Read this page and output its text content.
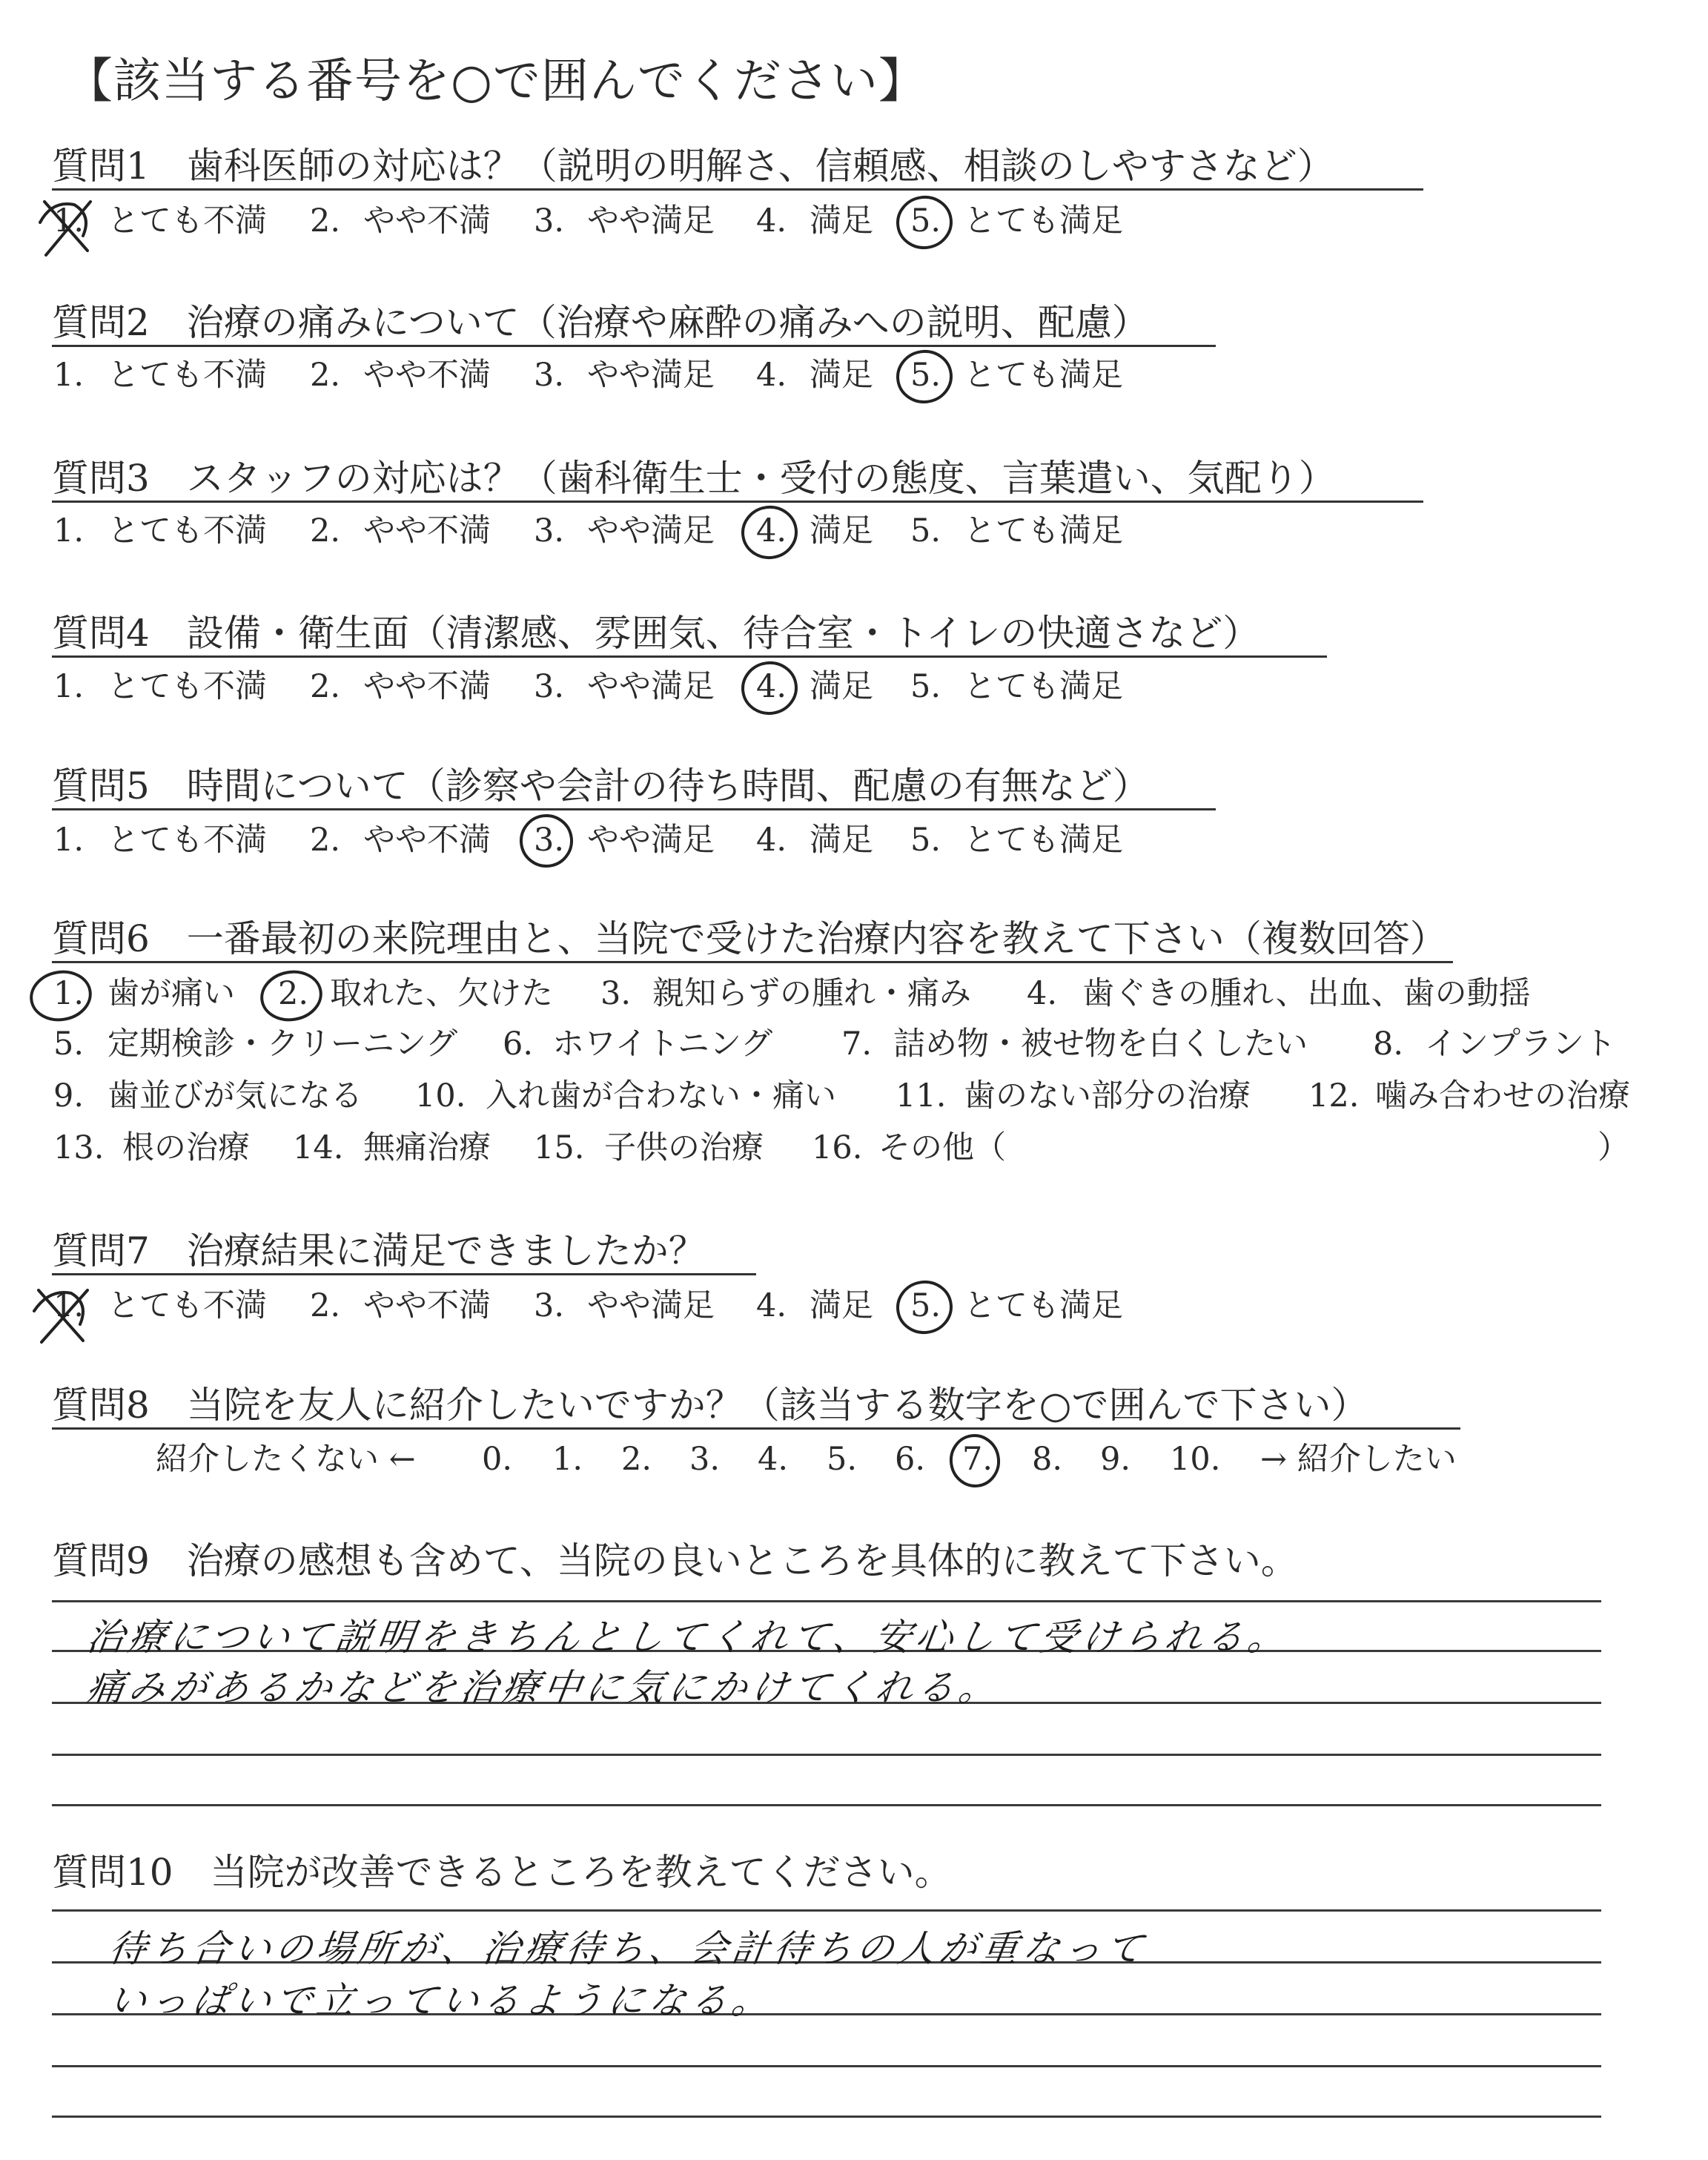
【該当する番号を○で囲んでください】
質問1　歯科医師の対応は？（説明の明解さ、信頼感、相談のしやすさなど）
1. とても不満 2. やや不満 3. やや満足 4. 満足 5. とても満足
質問2　治療の痛みについて（治療や麻酔の痛みへの説明、配慮）
1. とても不満 2. やや不満 3. やや満足 4. 満足 5. とても満足
質問3　スタッフの対応は？（歯科衛生士・受付の態度、言葉遣い、気配り）
1. とても不満 2. やや不満 3. やや満足 4. 満足 5. とても満足
質問4　設備・衛生面（清潔感、雰囲気、待合室・トイレの快適さなど）
1. とても不満 2. やや不満 3. やや満足 4. 満足 5. とても満足
質問5　時間について（診察や会計の待ち時間、配慮の有無など）
1. とても不満 2. やや不満 3. やや満足 4. 満足 5. とても満足
質問6　一番最初の来院理由と、当院で受けた治療内容を教えて下さい（複数回答）
1. 歯が痛い 2. 取れた、欠けた 3. 親知らずの腫れ・痛み 4. 歯ぐきの腫れ、出血、歯の動揺
5. 定期検診・クリーニング 6. ホワイトニング 7. 詰め物・被せ物を白くしたい 8. インプラント
9. 歯並びが気になる 10. 入れ歯が合わない・痛い 11. 歯のない部分の治療 12. 噛み合わせの治療
13. 根の治療 14. 無痛治療 15. 子供の治療 16. その他（	）
質問7　治療結果に満足できましたか？
1. とても不満 2. やや不満 3. やや満足 4. 満足 5. とても満足
質問8　当院を友人に紹介したいですか？（該当する数字を○で囲んで下さい）
紹介したくない ← 0. 1. 2. 3. 4. 5. 6. 7. 8. 9. 10. → 紹介したい
質問9　治療の感想も含めて、当院の良いところを具体的に教えて下さい。
治療について説明をきちんとしてくれて、安心して受けられる。
痛みがあるかなどを治療中に気にかけてくれる。
質問10　当院が改善できるところを教えてください。
待ち合いの場所が、治療待ち、会計待ちの人が重なって
いっぱいで立っているようになる。
